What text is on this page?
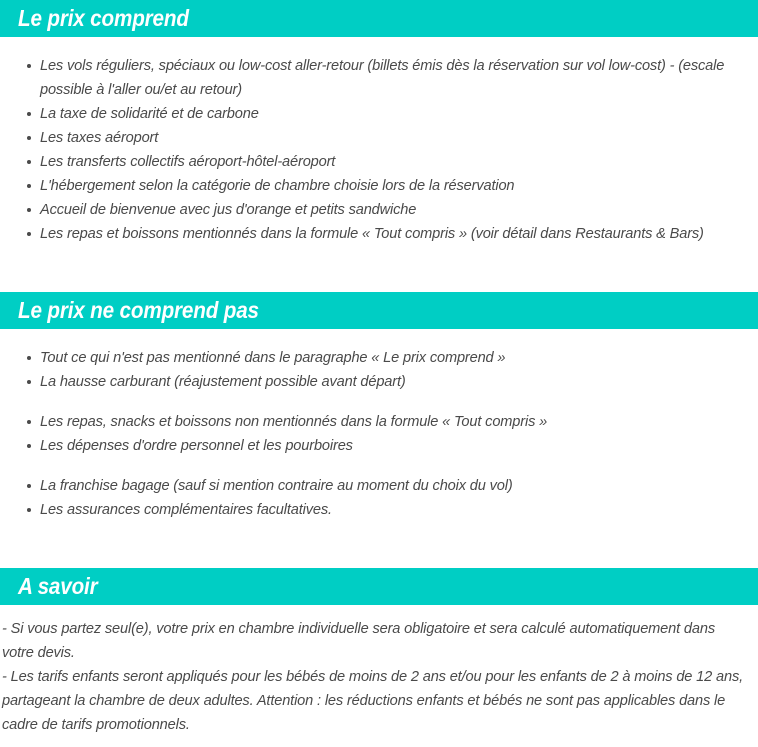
Le prix comprend
Les vols réguliers, spéciaux ou low-cost aller-retour (billets émis dès la réservation sur vol low-cost) - (escale possible à l'aller ou/et au retour)
La taxe de solidarité et de carbone
Les taxes aéroport
Les transferts collectifs aéroport-hôtel-aéroport
L'hébergement selon la catégorie de chambre choisie lors de la réservation
Accueil de bienvenue avec jus d'orange et petits sandwiche
Les repas et boissons mentionnés dans la formule « Tout compris » (voir détail dans Restaurants & Bars)
Le prix ne comprend pas
Tout ce qui n'est pas mentionné dans le paragraphe « Le prix comprend »
La hausse carburant (réajustement possible avant départ)
Les repas, snacks et boissons non mentionnés dans la formule « Tout compris »
Les dépenses d'ordre personnel et les pourboires
La franchise bagage (sauf si mention contraire au moment du choix du vol)
Les assurances complémentaires facultatives.
A savoir

- Si vous partez seul(e), votre prix en chambre individuelle sera obligatoire et sera calculé automatiquement dans votre devis.

- Les tarifs enfants seront appliqués pour les bébés de moins de 2 ans et/ou pour les enfants de 2 à moins de 12 ans, partageant la chambre de deux adultes. Attention : les réductions enfants et bébés ne sont pas applicables dans le cadre de tarifs promotionnels.
